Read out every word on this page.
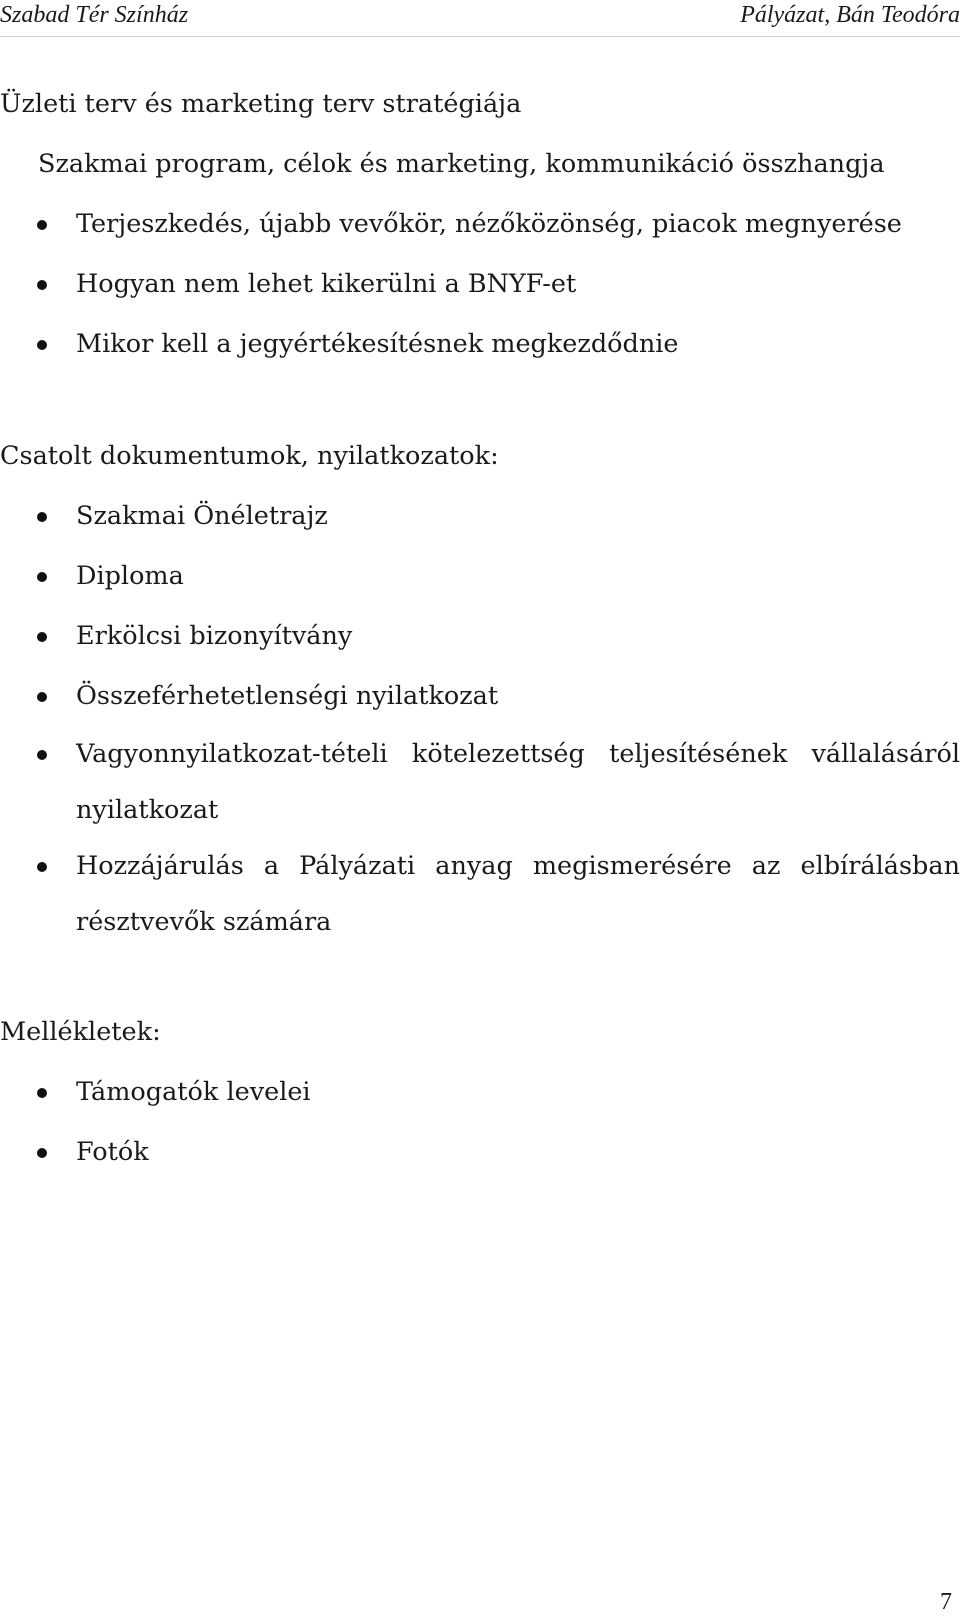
Szabad Tér Színház	Pályázat, Bán Teodóra

Üzleti terv és marketing terv stratégiája

Szakmai program, célok és marketing, kommunikáció összhangja

Terjeszkedés, újabb vevőkör, nézőközönség, piacok megnyerése
Hogyan nem lehet kikerülni a BNYF-et
Mikor kell a jegyértékesítésnek megkezdődnie

Csatolt dokumentumok, nyilatkozatok:

Szakmai Önéletrajz
Diploma
Erkölcsi bizonyítvány
Összeférhetetlenségi nyilatkozat
Vagyonnyilatkozat-tételi kötelezettség teljesítésének vállalásáról nyilatkozat
Hozzájárulás a Pályázati anyag megismerésére az elbírálásban résztvevők számára

Mellékletek:

Támogatók levelei
Fotók
7
